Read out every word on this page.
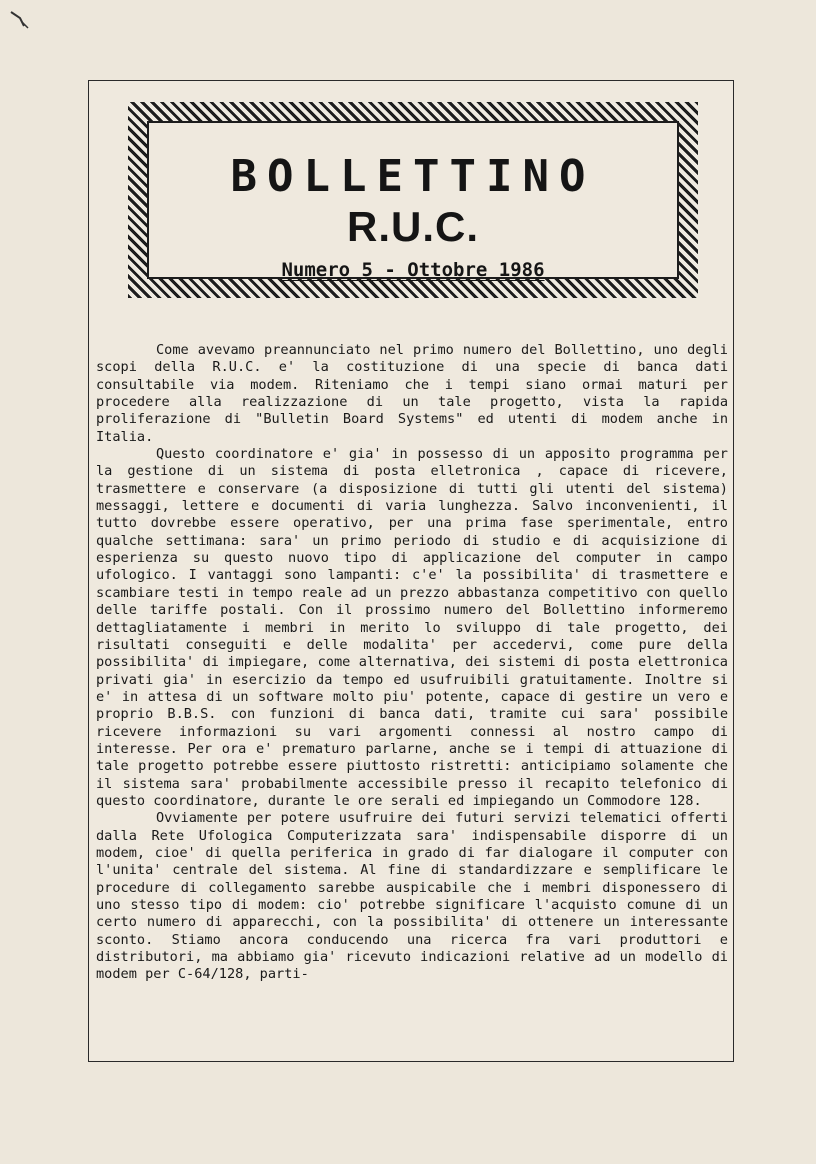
BOLLETTINO
R.U.C.
Numero 5 - Ottobre 1986

Come avevamo preannunciato nel primo numero del Bollettino, uno degli scopi della R.U.C. e' la costituzione di una specie di banca dati consultabile via modem. Riteniamo che i tempi siano ormai maturi per procedere alla realizzazione di un tale progetto, vista la rapida proliferazione di "Bulletin Board Systems" ed utenti di modem anche in Italia.

Questo coordinatore e' gia' in possesso di un apposito programma per la gestione di un sistema di posta elletronica , capace di ricevere, trasmettere e conservare (a disposizione di tutti gli utenti del sistema) messaggi, lettere e documenti di varia lunghezza. Salvo inconvenienti, il tutto dovrebbe essere operativo, per una prima fase sperimentale, entro qualche settimana: sara' un primo periodo di studio e di acquisizione di esperienza su questo nuovo tipo di applicazione del computer in campo ufologico. I vantaggi sono lampanti: c'e' la possibilita' di trasmettere e scambiare testi in tempo reale ad un prezzo abbastanza competitivo con quello delle tariffe postali. Con il prossimo numero del Bollettino informeremo dettagliatamente i membri in merito lo sviluppo di tale progetto, dei risultati conseguiti e delle modalita' per accedervi, come pure della possibilita' di impiegare, come alternativa, dei sistemi di posta elettronica privati gia' in esercizio da tempo ed usufruibili gratuitamente. Inoltre si e' in attesa di un software molto piu' potente, capace di gestire un vero e proprio B.B.S. con funzioni di banca dati, tramite cui sara' possibile ricevere informazioni su vari argomenti connessi al nostro campo di interesse. Per ora e' prematuro parlarne, anche se i tempi di attuazione di tale progetto potrebbe essere piuttosto ristretti: anticipiamo solamente che il sistema sara' probabilmente accessibile presso il recapito telefonico di questo coordinatore, durante le ore serali ed impiegando un Commodore 128.

Ovviamente per potere usufruire dei futuri servizi telematici offerti dalla Rete Ufologica Computerizzata sara' indispensabile disporre di un modem, cioe' di quella periferica in grado di far dialogare il computer con l'unita' centrale del sistema. Al fine di standardizzare e semplificare le procedure di collegamento sarebbe auspicabile che i membri disponessero di uno stesso tipo di modem: cio' potrebbe significare l'acquisto comune di un certo numero di apparecchi, con la possibilita' di ottenere un interessante sconto. Stiamo ancora conducendo una ricerca fra vari produttori e distributori, ma abbiamo gia' ricevuto indicazioni relative ad un modello di modem per C-64/128, parti-
